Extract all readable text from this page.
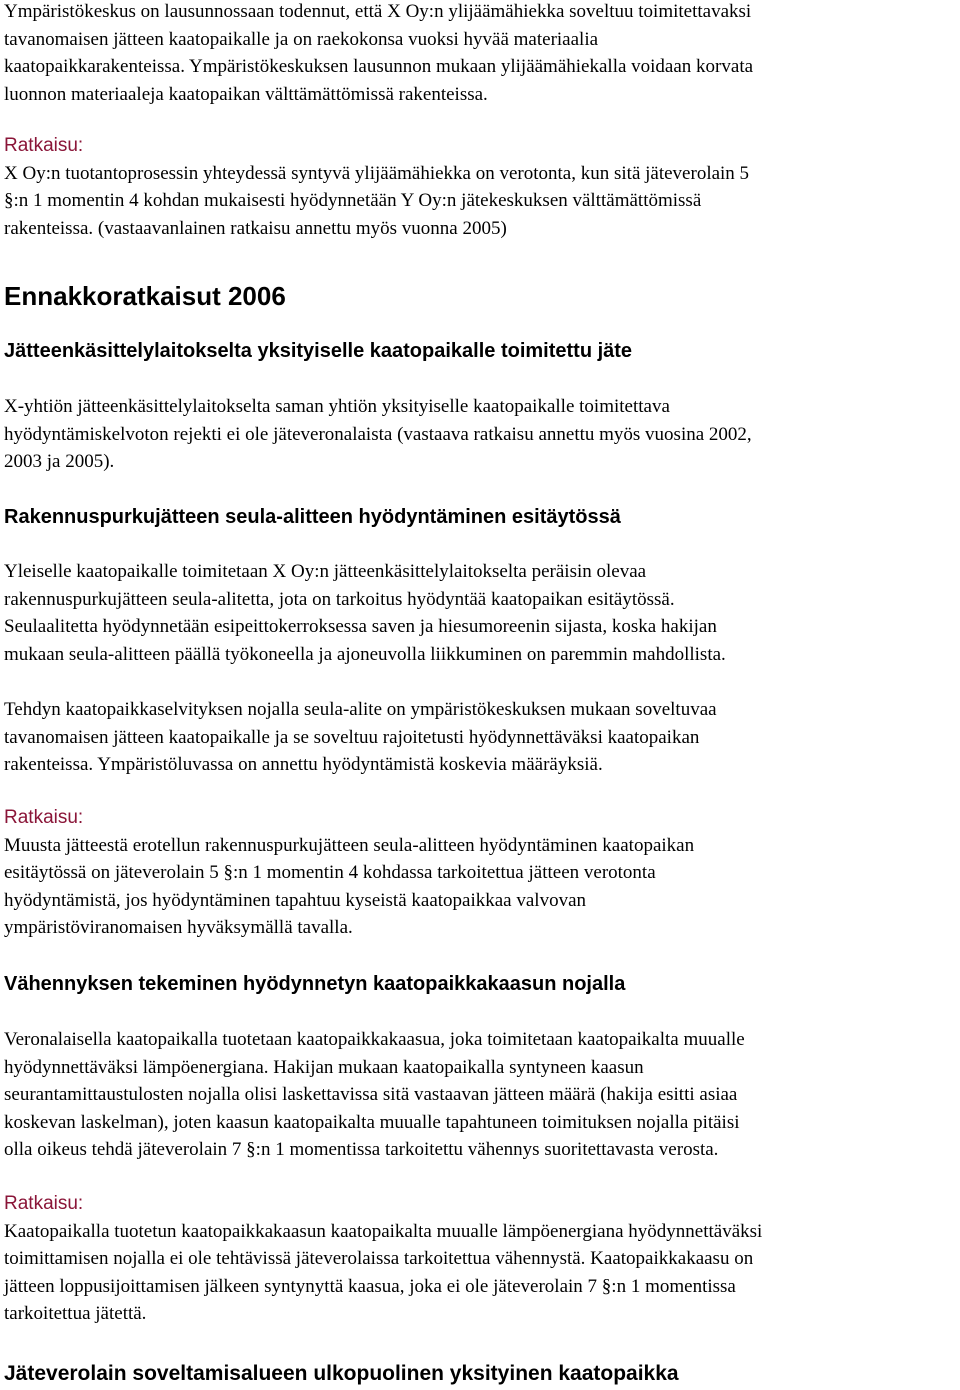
Ympäristökeskus on lausunnossaan todennut, että X Oy:n ylijäämähiekka soveltuu toimitettavaksi
tavanomaisen jätteen kaatopaikalle ja on raekokonsa vuoksi hyvää materiaalia
kaatopaikkarakenteissa. Ympäristökeskuksen lausunnon mukaan ylijäämähiekalla voidaan korvata
luonnon materiaaleja kaatopaikan välttämättömissä rakenteissa.

Ratkaisu:

X Oy:n tuotantoprosessin yhteydessä syntyvä ylijäämähiekka on verotonta, kun sitä jäteverolain 5
§:n 1 momentin 4 kohdan mukaisesti hyödynnetään Y Oy:n jätekeskuksen välttämättömissä
rakenteissa. (vastaavanlainen ratkaisu annettu myös vuonna 2005)
Ennakkoratkaisut 2006
Jätteenkäsittelylaitokselta yksityiselle kaatopaikalle toimitettu jäte
X-yhtiön jätteenkäsittelylaitokselta saman yhtiön yksityiselle kaatopaikalle toimitettava
hyödyntämiskelvoton rejekti ei ole jäteveronalaista (vastaava ratkaisu annettu myös vuosina 2002,
2003 ja 2005).
Rakennuspurkujätteen seula-alitteen hyödyntäminen esitäytössä
Yleiselle kaatopaikalle toimitetaan X Oy:n jätteenkäsittelylaitokselta peräisin olevaa
rakennuspurkujätteen seula-alitetta, jota on tarkoitus hyödyntää kaatopaikan esitäytössä.
Seulaalitetta hyödynnetään esipeittokerroksessa saven ja hiesumoreenin sijasta, koska hakijan
mukaan seula-alitteen päällä työkoneella ja ajoneuvolla liikkuminen on paremmin mahdollista.
Tehdyn kaatopaikkaselvityksen nojalla seula-alite on ympäristökeskuksen mukaan soveltuvaa
tavanomaisen jätteen kaatopaikalle ja se soveltuu rajoitetusti hyödynnettäväksi kaatopaikan
rakenteissa. Ympäristöluvassa on annettu hyödyntämistä koskevia määräyksiä.

Ratkaisu:

Muusta jätteestä erotellun rakennuspurkujätteen seula-alitteen hyödyntäminen kaatopaikan
esitäytössä on jäteverolain 5 §:n 1 momentin 4 kohdassa tarkoitettua jätteen verotonta
hyödyntämistä, jos hyödyntäminen tapahtuu kyseistä kaatopaikkaa valvovan
ympäristöviranomaisen hyväksymällä tavalla.
Vähennyksen tekeminen hyödynnetyn kaatopaikkakaasun nojalla
Veronalaisella kaatopaikalla tuotetaan kaatopaikkakaasua, joka toimitetaan kaatopaikalta muualle
hyödynnettäväksi lämpöenergiana. Hakijan mukaan kaatopaikalla syntyneen kaasun
seurantamittaustulosten nojalla olisi laskettavissa sitä vastaavan jätteen määrä (hakija esitti asiaa
koskevan laskelman), joten kaasun kaatopaikalta muualle tapahtuneen toimituksen nojalla pitäisi
olla oikeus tehdä jäteverolain 7 §:n 1 momentissa tarkoitettu vähennys suoritettavasta verosta.

Ratkaisu:

Kaatopaikalla tuotetun kaatopaikkakaasun kaatopaikalta muualle lämpöenergiana hyödynnettäväksi
toimittamisen nojalla ei ole tehtävissä jäteverolaissa tarkoitettua vähennystä. Kaatopaikkakaasu on
jätteen loppusijoittamisen jälkeen syntynyttä kaasua, joka ei ole jäteverolain 7 §:n 1 momentissa
tarkoitettua jätettä.
Jäteverolain soveltamisalueen ulkopuolinen yksityinen kaatopaikka
